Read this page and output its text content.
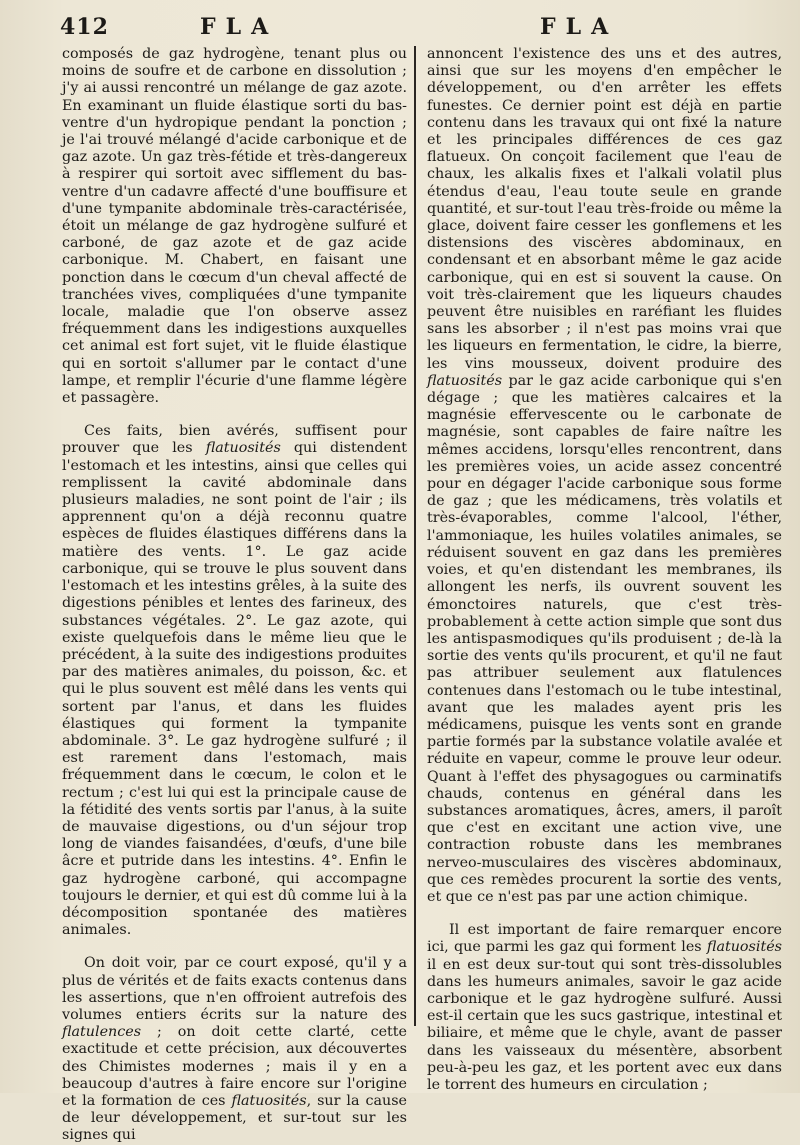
412	FLA	FLA

composés de gaz hydrogène, tenant plus ou moins de soufre et de carbone en dissolution ; j'y ai aussi rencontré un mélange de gaz azote. En examinant un fluide élastique sorti du bas-ventre d'un hydropique pendant la ponction ; je l'ai trouvé mélangé d'acide carbonique et de gaz azote. Un gaz très-fétide et très-dangereux à respirer qui sortoit avec sifflement du bas-ventre d'un cadavre affecté d'une bouffisure et d'une tympanite abdominale très-caractérisée, étoit un mélange de gaz hydrogène sulfuré et carboné, de gaz azote et de gaz acide carbonique. M. Chabert, en faisant une ponction dans le cœcum d'un cheval affecté de tranchées vives, compliquées d'une tympanite locale, maladie que l'on observe assez fréquemment dans les indigestions auxquelles cet animal est fort sujet, vit le fluide élastique qui en sortoit s'allumer par le contact d'une lampe, et remplir l'écurie d'une flamme légère et passagère.

Ces faits, bien avérés, suffisent pour prouver que les flatuosités qui distendent l'estomach et les intestins, ainsi que celles qui remplissent la cavité abdominale dans plusieurs maladies, ne sont point de l'air ; ils apprennent qu'on a déjà reconnu quatre espèces de fluides élastiques différens dans la matière des vents. 1°. Le gaz acide carbonique, qui se trouve le plus souvent dans l'estomach et les intestins grêles, à la suite des digestions pénibles et lentes des farineux, des substances végétales. 2°. Le gaz azote, qui existe quelquefois dans le même lieu que le précédent, à la suite des indigestions produites par des matières animales, du poisson, &c. et qui le plus souvent est mêlé dans les vents qui sortent par l'anus, et dans les fluides élastiques qui forment la tympanite abdominale. 3°. Le gaz hydrogène sulfuré ; il est rarement dans l'estomach, mais fréquemment dans le cœcum, le colon et le rectum ; c'est lui qui est la principale cause de la fétidité des vents sortis par l'anus, à la suite de mauvaise digestions, ou d'un séjour trop long de viandes faisandées, d'œufs, d'une bile âcre et putride dans les intestins. 4°. Enfin le gaz hydrogène carboné, qui accompagne toujours le dernier, et qui est dû comme lui à la décomposition spontanée des matières animales.

On doit voir, par ce court exposé, qu'il y a plus de vérités et de faits exacts contenus dans les assertions, que n'en offroient autrefois des volumes entiers écrits sur la nature des flatulences ; on doit cette clarté, cette exactitude et cette précision, aux découvertes des Chimistes modernes ; mais il y en a beaucoup d'autres à faire encore sur l'origine et la formation de ces flatuosités, sur la cause de leur développement, et sur-tout sur les signes qui

annoncent l'existence des uns et des autres, ainsi que sur les moyens d'en empêcher le développement, ou d'en arrêter les effets funestes. Ce dernier point est déjà en partie contenu dans les travaux qui ont fixé la nature et les principales différences de ces gaz flatueux. On conçoit facilement que l'eau de chaux, les alkalis fixes et l'alkali volatil plus étendus d'eau, l'eau toute seule en grande quantité, et sur-tout l'eau très-froide ou même la glace, doivent faire cesser les gonflemens et les distensions des viscères abdominaux, en condensant et en absorbant même le gaz acide carbonique, qui en est si souvent la cause. On voit très-clairement que les liqueurs chaudes peuvent être nuisibles en raréfiant les fluides sans les absorber ; il n'est pas moins vrai que les liqueurs en fermentation, le cidre, la bierre, les vins mousseux, doivent produire des flatuosités par le gaz acide carbonique qui s'en dégage ; que les matières calcaires et la magnésie effervescente ou le carbonate de magnésie, sont capables de faire naître les mêmes accidens, lorsqu'elles rencontrent, dans les premières voies, un acide assez concentré pour en dégager l'acide carbonique sous forme de gaz ; que les médicamens, très volatils et très-évaporables, comme l'alcool, l'éther, l'ammoniaque, les huiles volatiles animales, se réduisent souvent en gaz dans les premières voies, et qu'en distendant les membranes, ils allongent les nerfs, ils ouvrent souvent les émonctoires naturels, que c'est très-probablement à cette action simple que sont dus les antispasmodiques qu'ils produisent ; de-là la sortie des vents qu'ils procurent, et qu'il ne faut pas attribuer seulement aux flatulences contenues dans l'estomach ou le tube intestinal, avant que les malades ayent pris les médicamens, puisque les vents sont en grande partie formés par la substance volatile avalée et réduite en vapeur, comme le prouve leur odeur. Quant à l'effet des physagogues ou carminatifs chauds, contenus en général dans les substances aromatiques, âcres, amers, il paroît que c'est en excitant une action vive, une contraction robuste dans les membranes nerveo-musculaires des viscères abdominaux, que ces remèdes procurent la sortie des vents, et que ce n'est pas par une action chimique.

Il est important de faire remarquer encore ici, que parmi les gaz qui forment les flatuosités il en est deux sur-tout qui sont très-dissolubles dans les humeurs animales, savoir le gaz acide carbonique et le gaz hydrogène sulfuré. Aussi est-il certain que les sucs gastrique, intestinal et biliaire, et même que le chyle, avant de passer dans les vaisseaux du mésentère, absorbent peu-à-peu les gaz, et les portent avec eux dans le torrent des humeurs en circulation ;
